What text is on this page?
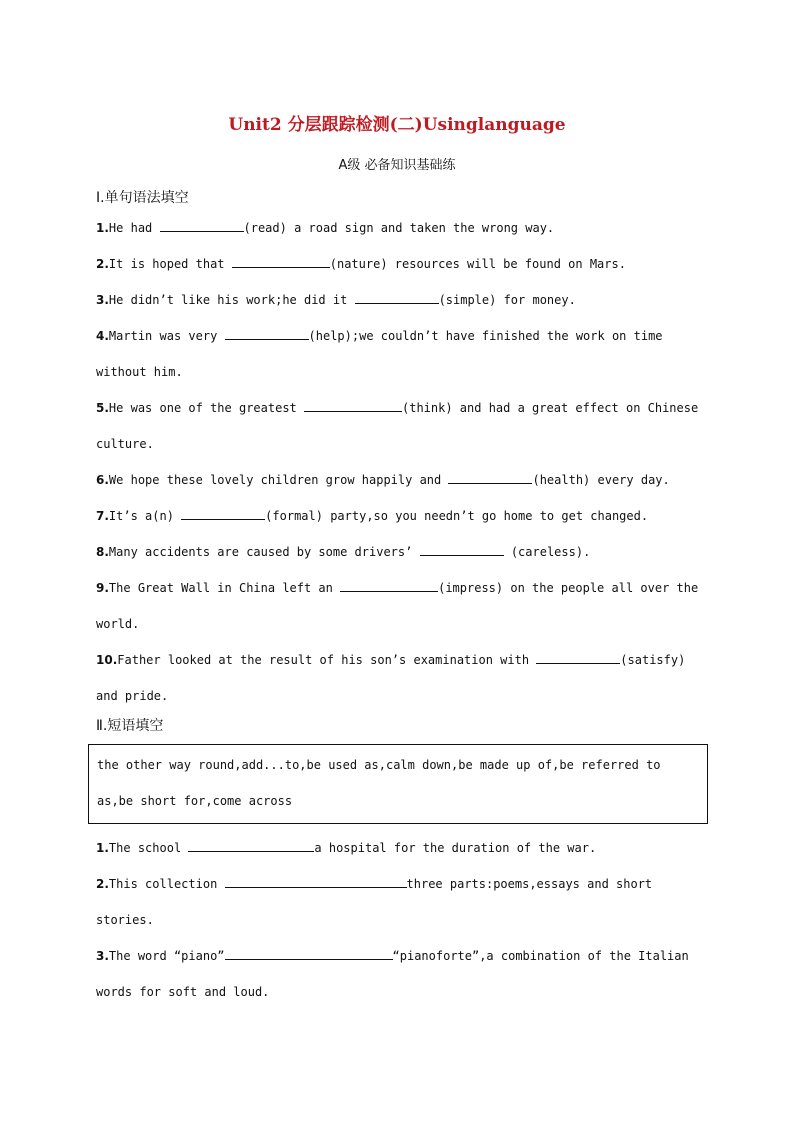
Unit2 分层跟踪检测(二)Usinglanguage
A级 必备知识基础练
Ⅰ.单句语法填空
1.He had	(read) a road sign and taken the wrong way.
2.It is hoped that	(nature) resources will be found on Mars.
3.He didn’t like his work;he did it	(simple) for money.
4.Martin was very	(help);we couldn’t have finished the work on time without him.
5.He was one of the greatest	(think) and had a great effect on Chinese culture.
6.We hope these lovely children grow happily and	(health) every day.
7.It’s a(n)	(formal) party,so you needn’t go home to get changed.
8.Many accidents are caused by some drivers’	(careless).
9.The Great Wall in China left an	(impress) on the people all over the world.
10.Father looked at the result of his son’s examination with	(satisfy) and pride.
Ⅱ.短语填空
the other way round,add...to,be used as,calm down,be made up of,be referred to as,be short for,come across
1.The school	a hospital for the duration of the war.
2.This collection	three parts:poems,essays and short stories.
3.The word “piano”	“pianoforte”,a combination of the Italian words for soft and loud.
